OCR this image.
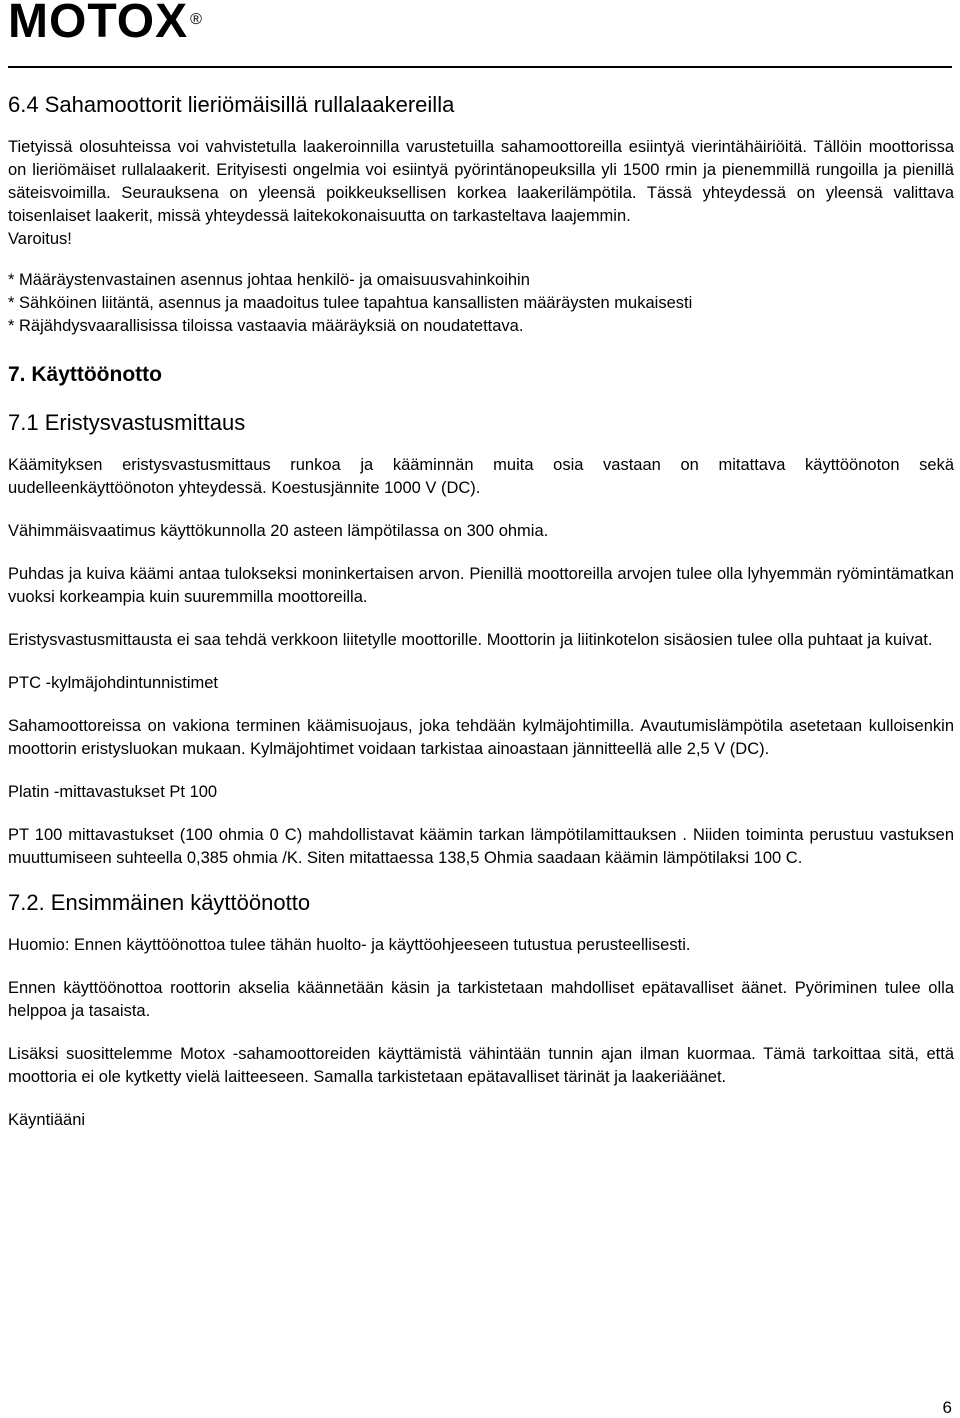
MOTOX ®

6.4 Sahamoottorit lieriömäisillä rullalaakereilla

Tietyissä olosuhteissa voi vahvistetulla laakeroinnilla varustetuilla sahamoottoreilla esiintyä vierintähäiriöitä. Tällöin moottorissa on lieriömäiset rullalaakerit. Erityisesti ongelmia voi esiintyä pyörintänopeuksilla yli 1500 rmin ja pienemmillä rungoilla ja pienillä säteisvoimilla. Seurauksena on yleensä poikkeuksellisen korkea laakerilämpötila. Tässä yhteydessä on yleensä valittava toisenlaiset laakerit, missä yhteydessä laitekokonaisuutta on tarkasteltava laajemmin.

Varoitus!

* Määräystenvastainen asennus johtaa henkilö- ja omaisuusvahinkoihin

* Sähköinen liitäntä, asennus ja maadoitus tulee tapahtua kansallisten määräysten mukaisesti

* Räjähdysvaarallisissa tiloissa vastaavia määräyksiä on noudatettava.

7. Käyttöönotto

7.1 Eristysvastusmittaus

Käämityksen eristysvastusmittaus runkoa ja kääminnän muita osia vastaan on mitattava käyttöönoton sekä uudelleenkäyttöönoton yhteydessä. Koestusjännite 1000 V (DC).

Vähimmäisvaatimus käyttökunnolla 20 asteen lämpötilassa on 300 ohmia.

Puhdas ja kuiva käämi antaa tulokseksi moninkertaisen arvon. Pienillä moottoreilla arvojen tulee olla lyhyemmän ryömintämatkan vuoksi korkeampia kuin suuremmilla moottoreilla.

Eristysvastusmittausta ei saa tehdä verkkoon liitetylle moottorille. Moottorin ja liitinkotelon sisäosien tulee olla puhtaat ja kuivat.

PTC -kylmäjohdintunnistimet

Sahamoottoreissa on vakiona terminen käämisuojaus, joka tehdään kylmäjohtimilla. Avautumislämpötila asetetaan kulloisenkin moottorin eristysluokan mukaan. Kylmäjohtimet voidaan tarkistaa ainoastaan jännitteellä alle 2,5 V (DC).

Platin -mittavastukset Pt 100

PT 100 mittavastukset (100 ohmia 0 C) mahdollistavat käämin tarkan lämpötilamittauksen . Niiden toiminta perustuu vastuksen muuttumiseen suhteella 0,385 ohmia /K. Siten mitattaessa 138,5 Ohmia saadaan käämin lämpötilaksi 100 C.

7.2. Ensimmäinen käyttöönotto

Huomio: Ennen käyttöönottoa tulee tähän huolto- ja käyttöohjeeseen tutustua perusteellisesti.

Ennen käyttöönottoa roottorin akselia käännetään käsin ja tarkistetaan mahdolliset epätavalliset äänet. Pyöriminen tulee olla helppoa ja tasaista.

Lisäksi suosittelemme Motox -sahamoottoreiden käyttämistä vähintään tunnin ajan ilman kuormaa. Tämä tarkoittaa sitä, että moottoria ei ole kytketty vielä laitteeseen. Samalla tarkistetaan epätavalliset tärinät ja laakeriäänet.

Käyntiääni

6
